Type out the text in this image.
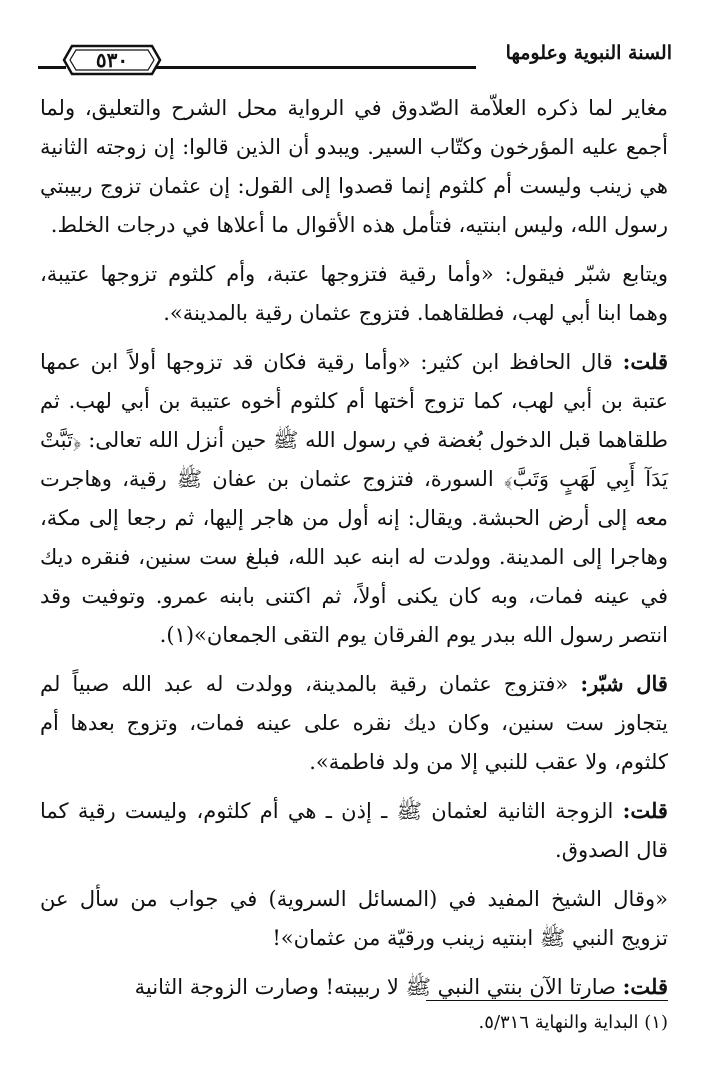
السنة النبوية وعلومها
٥٣٠

مغاير لما ذكره العلاّمة الصّدوق في الرواية محل الشرح والتعليق، ولما أجمع عليه المؤرخون وكتّاب السير. ويبدو أن الذين قالوا: إن زوجته الثانية هي زينب وليست أم كلثوم إنما قصدوا إلى القول: إن عثمان تزوج ربيبتي رسول الله، وليس ابنتيه، فتأمل هذه الأقوال ما أعلاها في درجات الخلط.

ويتابع شبّر فيقول: «وأما رقية فتزوجها عتبة، وأم كلثوم تزوجها عتيبة، وهما ابنا أبي لهب، فطلقاهما. فتزوج عثمان رقية بالمدينة».

قلت: قال الحافظ ابن كثير: «وأما رقية فكان قد تزوجها أولاً ابن عمها عتبة بن أبي لهب، كما تزوج أختها أم كلثوم أخوه عتيبة بن أبي لهب. ثم طلقاهما قبل الدخول بُغضة في رسول الله ﷺ حين أنزل الله تعالى: ﴿تَبَّتْ يَدَآ أَبِي لَهَبٍ وَتَبَّ﴾ السورة، فتزوج عثمان بن عفان ﷺ رقية، وهاجرت معه إلى أرض الحبشة. ويقال: إنه أول من هاجر إليها، ثم رجعا إلى مكة، وهاجرا إلى المدينة. وولدت له ابنه عبد الله، فبلغ ست سنين، فنقره ديك في عينه فمات، وبه كان يكنى أولاً، ثم اكتنى بابنه عمرو. وتوفيت وقد انتصر رسول الله ببدر يوم الفرقان يوم التقى الجمعان»(١).

قال شبّر: «فتزوج عثمان رقية بالمدينة، وولدت له عبد الله صبياً لم يتجاوز ست سنين، وكان ديك نقره على عينه فمات، وتزوج بعدها أم كلثوم، ولا عقب للنبي إلا من ولد فاطمة».

قلت: الزوجة الثانية لعثمان ﷺ ـ إذن ـ هي أم كلثوم، وليست رقية كما قال الصدوق.

«وقال الشيخ المفيد في (المسائل السروية) في جواب من سأل عن تزويج النبي ﷺ ابنتيه زينب ورقيّة من عثمان»!

قلت: صارتا الآن بنتي النبي ﷺ لا ربيبته! وصارت الزوجة الثانية

(١) البداية والنهاية ٥/٣١٦.
